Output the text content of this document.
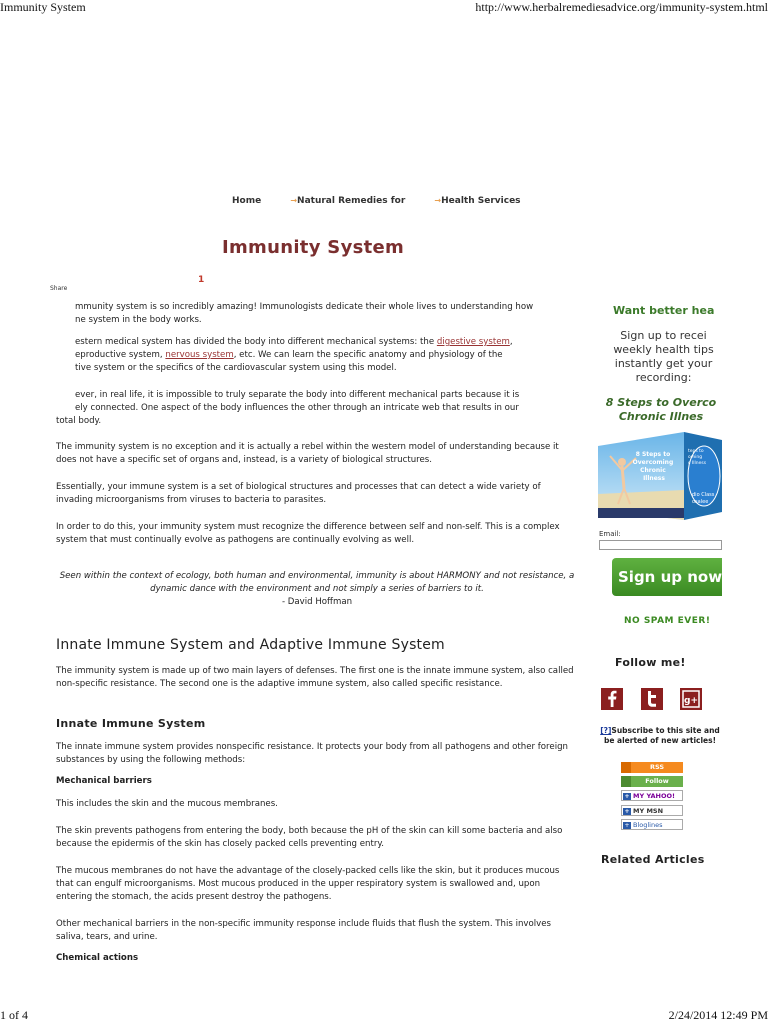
Immunity System	http://www.herbalremediesadvice.org/immunity-system.html
1 of 4	2/24/2014 12:49 PM
Home	→Natural Remedies for	→Health Services
Immunity System
1
Share

mmunity system is so incredibly amazing! Immunologists dedicate their whole lives to understanding how

ne system in the body works.

estern medical system has divided the body into different mechanical systems: the digestive system,

eproductive system, nervous system, etc. We can learn the specific anatomy and physiology of the

tive system or the specifics of the cardiovascular system using this model.

ever, in real life, it is impossible to truly separate the body into different mechanical parts because it is

ely connected. One aspect of the body influences the other through an intricate web that results in our

total body.

The immunity system is no exception and it is actually a rebel within the western model of understanding because it does not have a specific set of organs and, instead, is a variety of biological structures.
Essentially, your immune system is a set of biological structures and processes that can detect a wide variety of invading microorganisms from viruses to bacteria to parasites.
In order to do this, your immunity system must recognize the difference between self and non-self. This is a complex system that must continually evolve as pathogens are continually evolving as well.

Seen within the context of ecology, both human and environmental, immunity is about HARMONY and not resistance, a dynamic dance with the environment and not simply a series of barriers to it.

- David Hoffman

Innate Immune System and Adaptive Immune System
The immunity system is made up of two main layers of defenses. The first one is the innate immune system, also called non-specific resistance. The second one is the adaptive immune system, also called specific resistance.
Innate Immune System
The innate immune system provides nonspecific resistance. It protects your body from all pathogens and other foreign substances by using the following methods:
Mechanical barriers
This includes the skin and the mucous membranes.
The skin prevents pathogens from entering the body, both because the pH of the skin can kill some bacteria and also because the epidermis of the skin has closely packed cells preventing entry.
The mucous membranes do not have the advantage of the closely-packed cells like the skin, but it produces mucous that can engulf microorganisms. Most mucous produced in the upper respiratory system is swallowed and, upon entering the stomach, the acids present destroy the pathogens.
Other mechanical barriers in the non-specific immunity response include fluids that flush the system. This involves saliva, tears, and urine.
Chemical actions
Want better hea
Sign up to recei
weekly health tips
instantly get your
recording:
8 Steps to Overco
Chronic Illnes
8 Steps to Overcoming Chronic Illness
teps to oming c Illness
dio Class osalee
Email:
Sign up now
NO SPAM EVER!
Follow me!
g+
[?]Subscribe to this site and be alerted of new articles!
RSS
Follow
+ MY YAHOO!
+ MY MSN
+ Bloglines
Related Articles
